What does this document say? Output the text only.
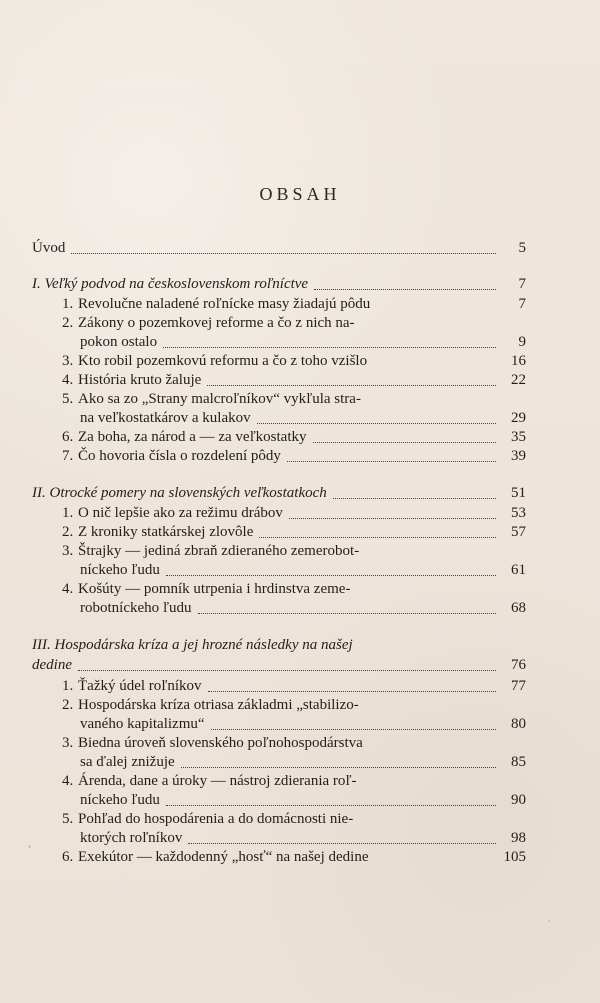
OBSAH
Úvod	5
I. Veľký podvod na československom roľníctve	7
1. Revolučne naladené roľnícke masy žiadajú pôdu	7
2. Zákony o pozemkovej reforme a čo z nich na-
pokon ostalo	9
3. Kto robil pozemkovú reformu a čo z toho vzišlo	16
4. História kruto žaluje	22
5. Ako sa zo „Strany malcroľníkov“ vykľula stra-
na veľkostatkárov a kulakov	29
6. Za boha, za národ a — za veľkostatky	35
7. Čo hovoria čísla o rozdelení pôdy	39
II. Otrocké pomery na slovenských veľkostatkoch	51
1. O nič lepšie ako za režimu drábov	53
2. Z kroniky statkárskej zlovôle	57
3. Štrajky — jediná zbraň zdieraného zemerobot-
níckeho ľudu	61
4. Košúty — pomník utrpenia i hrdinstva zeme-
robotníckeho ľudu	68
III. Hospodárska kríza a jej hrozné následky na našej
dedine	76
1. Ťažký údel roľníkov	77
2. Hospodárska kríza otriasa základmi „stabilizo-
vaného kapitalizmu“	80
3. Biedna úroveň slovenského poľnohospodárstva
sa ďalej znižuje	85
4. Árenda, dane a úroky — nástroj zdierania roľ-
níckeho ľudu	90
5. Pohľad do hospodárenia a do domácnosti nie-
ktorých roľníkov	98
6. Exekútor — každodenný „hosť“ na našej dedine	105
